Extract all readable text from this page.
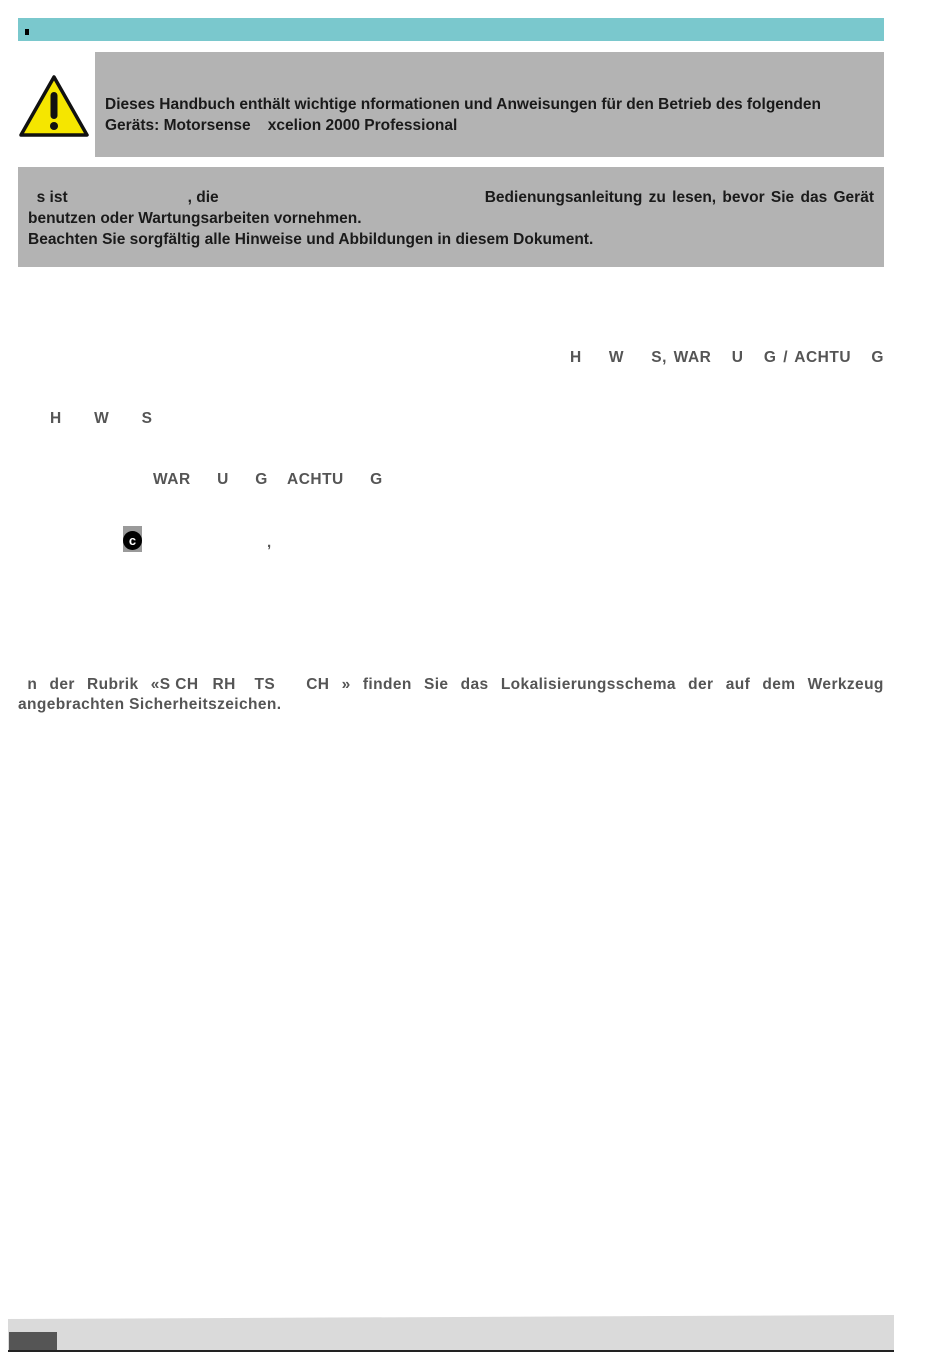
Dieses Handbuch enthält wichtige nformationen und Anweisungen für den Betrieb des folgenden

Geräts: Motorsense    xcelion 2000 Professional

s ist	, die	Bedienungsanleitung zu lesen, bevor Sie das Gerät

benutzen oder Wartungsarbeiten vornehmen.

Beachten Sie sorgfältig alle Hinweise und Abbildungen in diesem Dokument.

H    W    S, WAR   U   G / ACHTU   G
H   W   S
WAR   U   G ACHTU   G
c	,
n der Rubrik «S CH   RH    TS CH » finden Sie das Lokalisierungsschema der auf dem Werkzeug
angebrachten Sicherheitszeichen.
